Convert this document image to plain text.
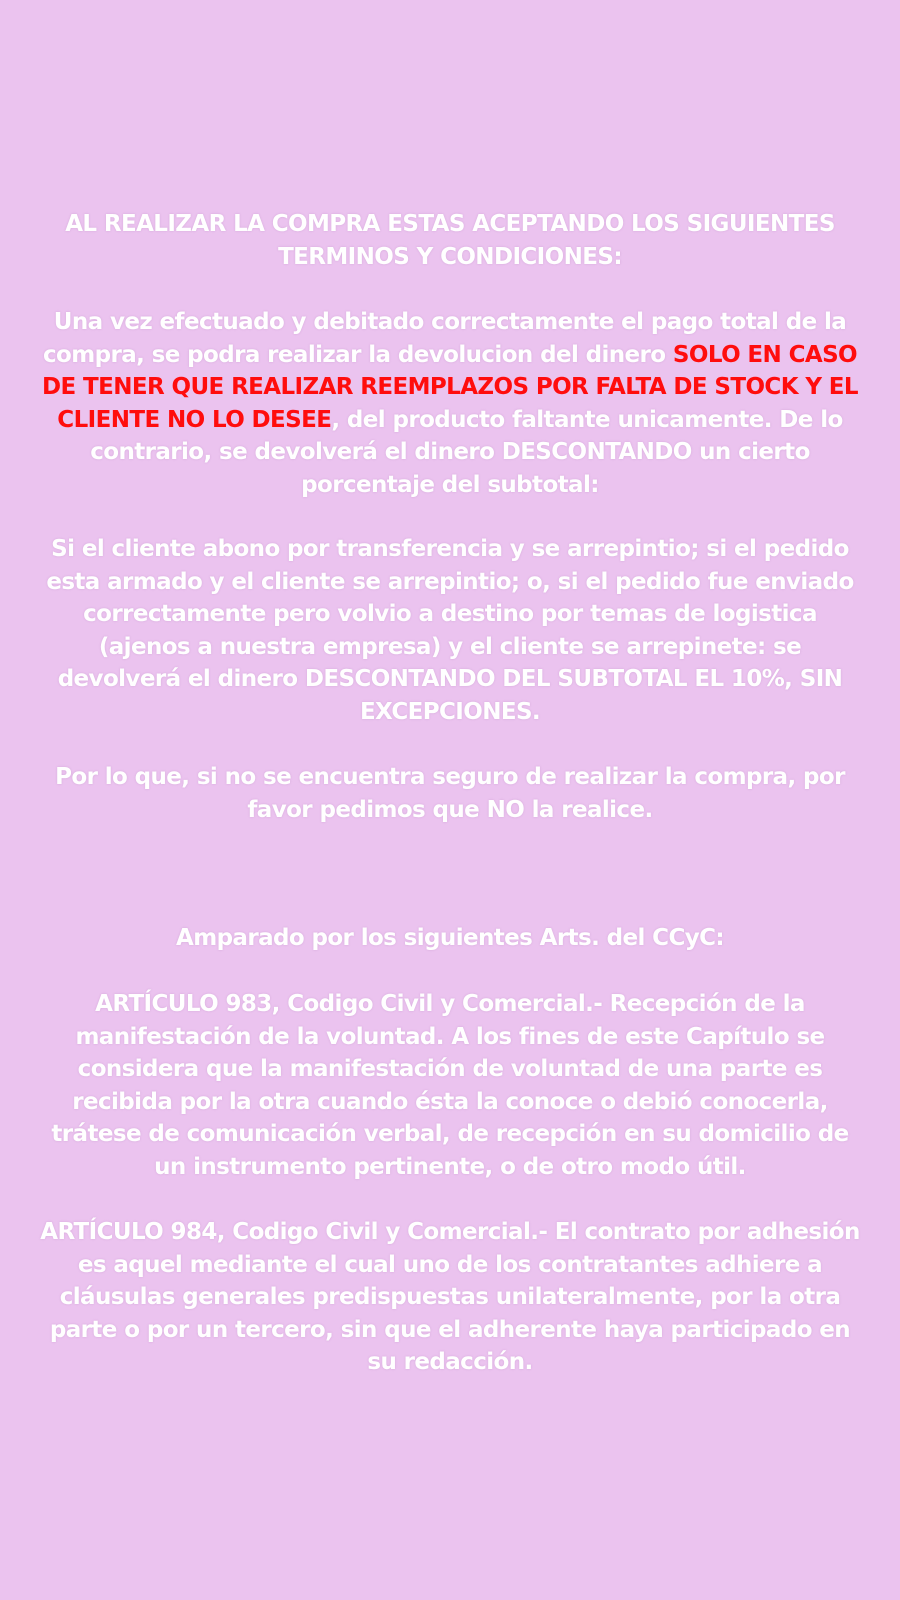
AL REALIZAR LA COMPRA ESTAS ACEPTANDO LOS SIGUIENTES TERMINOS Y CONDICIONES:

Una vez efectuado y debitado correctamente el pago total de la compra, se podra realizar la devolucion del dinero SOLO EN CASO DE TENER QUE REALIZAR REEMPLAZOS POR FALTA DE STOCK Y EL CLIENTE NO LO DESEE, del producto faltante unicamente. De lo contrario, se devolverá el dinero DESCONTANDO un cierto porcentaje del subtotal:

Si el cliente abono por transferencia y se arrepintio; si el pedido esta armado y el cliente se arrepintio; o, si el pedido fue enviado correctamente pero volvio a destino por temas de logistica (ajenos a nuestra empresa) y el cliente se arrepinete: se devolverá el dinero DESCONTANDO DEL SUBTOTAL EL 10%, SIN EXCEPCIONES.

Por lo que, si no se encuentra seguro de realizar la compra, por favor pedimos que NO la realice.

Amparado por los siguientes Arts. del CCyC:

ARTÍCULO 983, Codigo Civil y Comercial.- Recepción de la manifestación de la voluntad. A los fines de este Capítulo se considera que la manifestación de voluntad de una parte es recibida por la otra cuando ésta la conoce o debió conocerla, trátese de comunicación verbal, de recepción en su domicilio de un instrumento pertinente, o de otro modo útil.

ARTÍCULO 984, Codigo Civil y Comercial.- El contrato por adhesión es aquel mediante el cual uno de los contratantes adhiere a cláusulas generales predispuestas unilateralmente, por la otra parte o por un tercero, sin que el adherente haya participado en su redacción.
